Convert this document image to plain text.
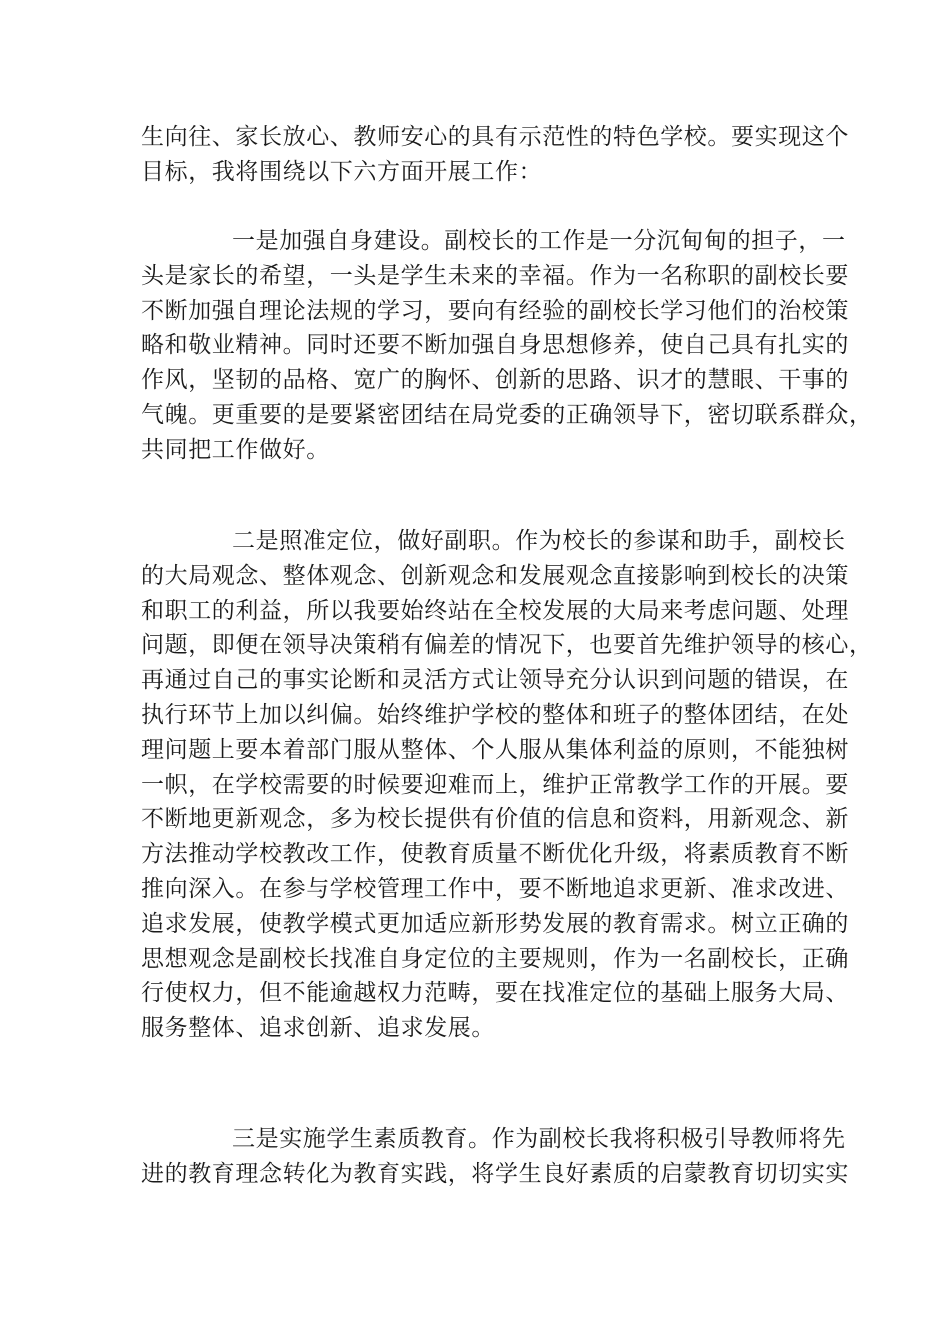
生向往、家长放心、教师安心的具有示范性的特色学校。要实现这个
目标，我将围绕以下六方面开展工作：
一是加强自身建设。副校长的工作是一分沉甸甸的担子，一
头是家长的希望，一头是学生未来的幸福。作为一名称职的副校长要
不断加强自理论法规的学习，要向有经验的副校长学习他们的治校策
略和敬业精神。同时还要不断加强自身思想修养，使自己具有扎实的
作风，坚韧的品格、宽广的胸怀、创新的思路、识才的慧眼、干事的
气魄。更重要的是要紧密团结在局党委的正确领导下，密切联系群众，
共同把工作做好。
二是照准定位，做好副职。作为校长的参谋和助手，副校长
的大局观念、整体观念、创新观念和发展观念直接影响到校长的决策
和职工的利益，所以我要始终站在全校发展的大局来考虑问题、处理
问题，即便在领导决策稍有偏差的情况下，也要首先维护领导的核心，
再通过自己的事实论断和灵活方式让领导充分认识到问题的错误，在
执行环节上加以纠偏。始终维护学校的整体和班子的整体团结，在处
理问题上要本着部门服从整体、个人服从集体利益的原则，不能独树
一帜，在学校需要的时候要迎难而上，维护正常教学工作的开展。要
不断地更新观念，多为校长提供有价值的信息和资料，用新观念、新
方法推动学校教改工作，使教育质量不断优化升级，将素质教育不断
推向深入。在参与学校管理工作中，要不断地追求更新、准求改进、
追求发展，使教学模式更加适应新形势发展的教育需求。树立正确的
思想观念是副校长找准自身定位的主要规则，作为一名副校长，正确
行使权力，但不能逾越权力范畴，要在找准定位的基础上服务大局、
服务整体、追求创新、追求发展。
三是实施学生素质教育。作为副校长我将积极引导教师将先
进的教育理念转化为教育实践，将学生良好素质的启蒙教育切切实实
